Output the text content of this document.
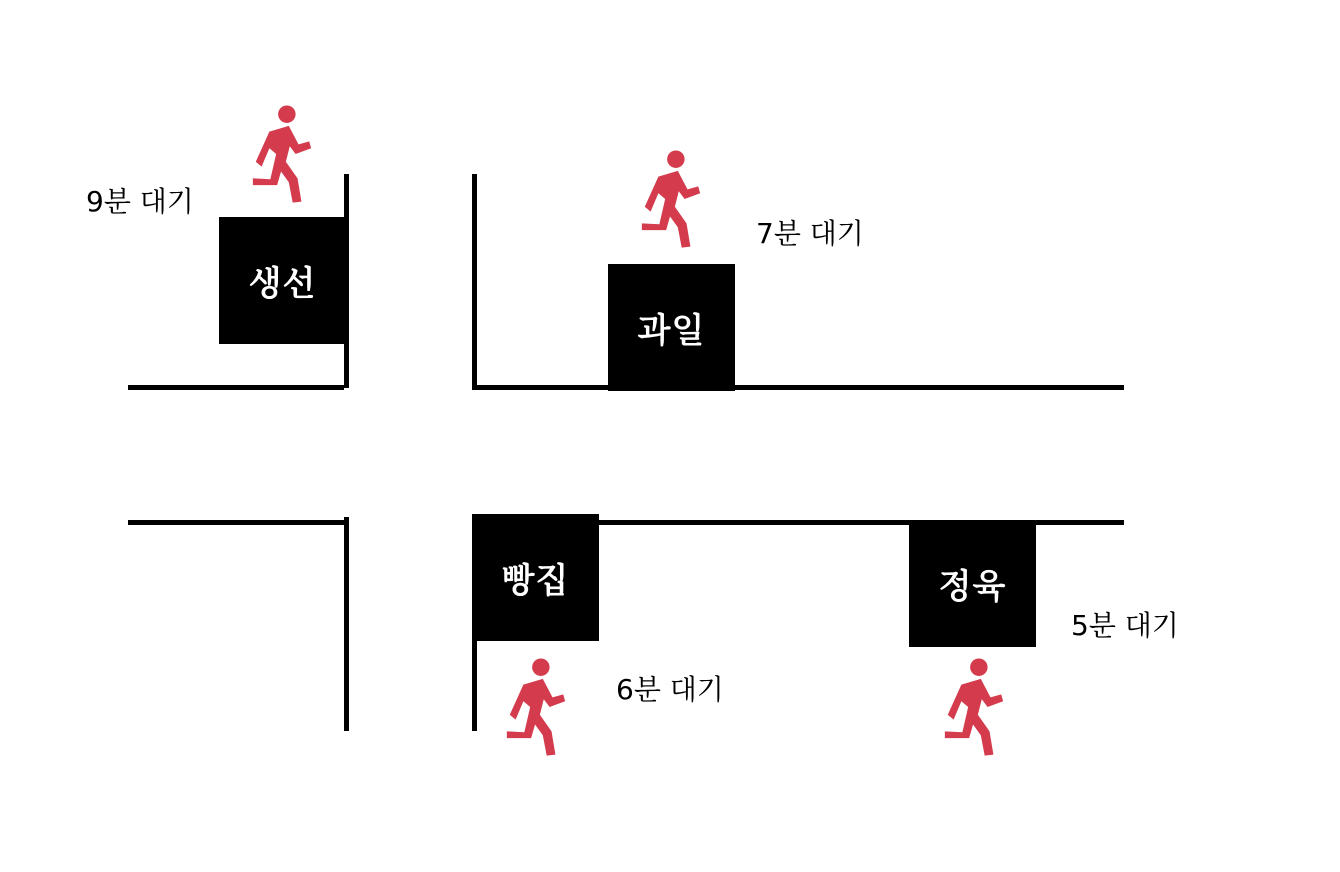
생선
9분 대기
과일
7분 대기
빵집
6분 대기
정육
5분 대기
